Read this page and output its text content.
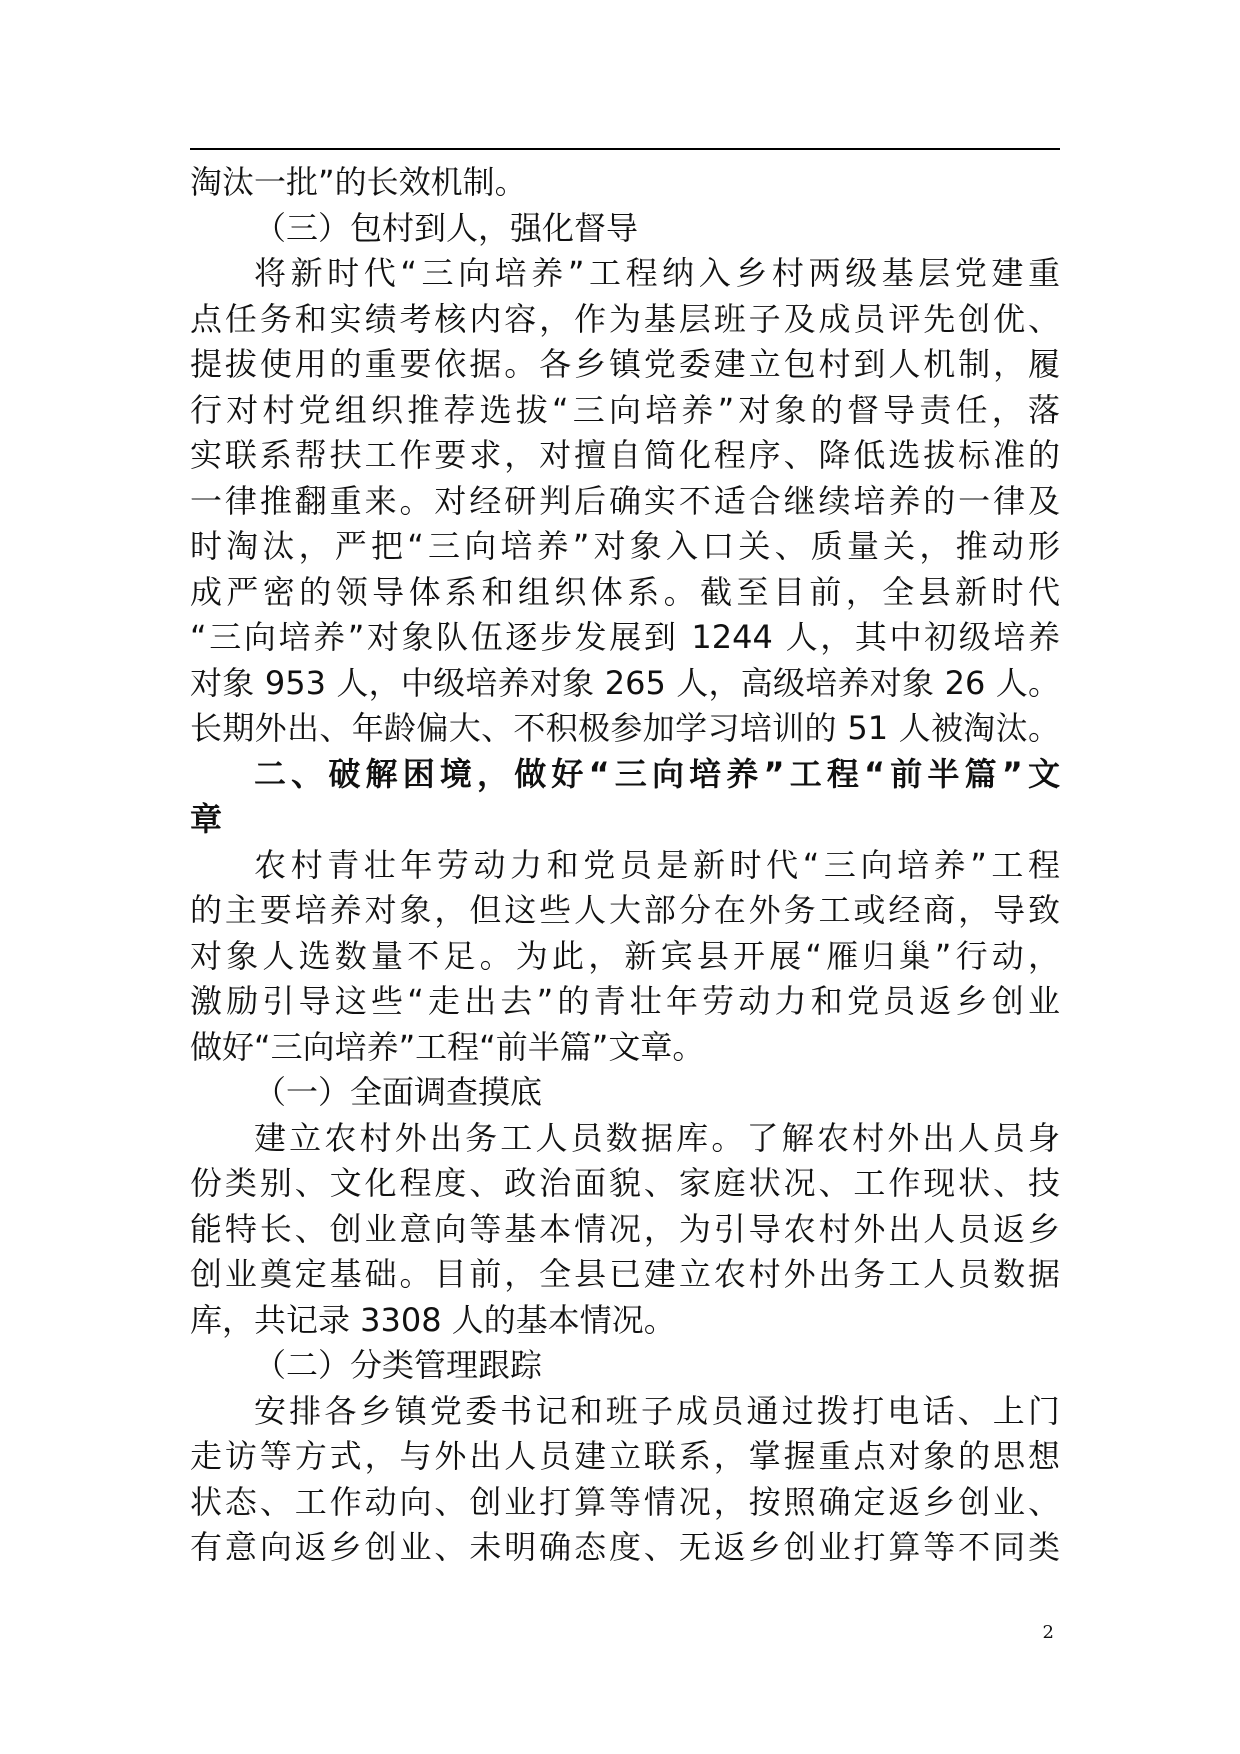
淘汰一批”的长效机制。
（三）包村到人，强化督导
将新时代“三向培养”工程纳入乡村两级基层党建重
点任务和实绩考核内容，作为基层班子及成员评先创优、
提拔使用的重要依据。各乡镇党委建立包村到人机制，履
行对村党组织推荐选拔“三向培养”对象的督导责任，落
实联系帮扶工作要求，对擅自简化程序、降低选拔标准的
一律推翻重来。对经研判后确实不适合继续培养的一律及
时淘汰，严把“三向培养”对象入口关、质量关，推动形
成严密的领导体系和组织体系。截至目前，全县新时代
“三向培养”对象队伍逐步发展到 1244 人，其中初级培养
对象 953 人，中级培养对象 265 人，高级培养对象 26 人。
长期外出、年龄偏大、不积极参加学习培训的 51 人被淘汰。
二、破解困境，做好“三向培养”工程“前半篇”文
章
农村青壮年劳动力和党员是新时代“三向培养”工程
的主要培养对象，但这些人大部分在外务工或经商，导致
对象人选数量不足。为此，新宾县开展“雁归巢”行动，
激励引导这些“走出去”的青壮年劳动力和党员返乡创业
做好“三向培养”工程“前半篇”文章。
（一）全面调查摸底
建立农村外出务工人员数据库。了解农村外出人员身
份类别、文化程度、政治面貌、家庭状况、工作现状、技
能特长、创业意向等基本情况，为引导农村外出人员返乡
创业奠定基础。目前，全县已建立农村外出务工人员数据
库，共记录 3308 人的基本情况。
（二）分类管理跟踪
安排各乡镇党委书记和班子成员通过拨打电话、上门
走访等方式，与外出人员建立联系，掌握重点对象的思想
状态、工作动向、创业打算等情况，按照确定返乡创业、
有意向返乡创业、未明确态度、无返乡创业打算等不同类
2
